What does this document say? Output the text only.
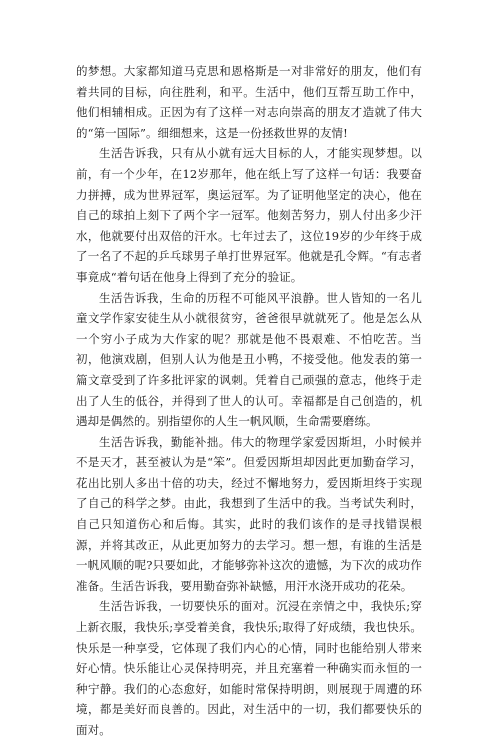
的梦想。大家都知道马克思和恩格斯是一对非常好的朋友，他们有着共同的目标，向往胜利，和平。生活中，他们互帮互助工作中，他们相辅相成。正因为有了这样一对志向崇高的朋友才造就了伟大的“第一国际”。细细想来，这是一份拯救世界的友情!

生活告诉我，只有从小就有远大目标的人，才能实现梦想。以前，有一个少年，在12岁那年，他在纸上写了这样一句话：我要奋力拼搏，成为世界冠军，奥运冠军。为了证明他坚定的决心，他在自己的球拍上刻下了两个字一冠军。他刻苦努力，别人付出多少汗水，他就要付出双倍的汗水。七年过去了，这位19岁的少年终于成了一名了不起的乒乓球男子单打世界冠军。他就是孔令辉。“有志者事竟成“着句话在他身上得到了充分的验证。

生活告诉我，生命的历程不可能风平浪静。世人皆知的一名儿童文学作家安徒生从小就很贫穷，爸爸很早就就死了。他是怎么从一个穷小子成为大作家的呢？那就是他不畏艰难、不怕吃苦。当初，他演戏剧，但别人认为他是丑小鸭，不接受他。他发表的第一篇文章受到了许多批评家的讽刺。凭着自己顽强的意志，他终于走出了人生的低谷，并得到了世人的认可。幸福都是自己创造的，机遇却是偶然的。别指望你的人生一帆风顺，生命需要磨练。

生活告诉我，勤能补拙。伟大的物理学家爱因斯坦，小时候并不是天才，甚至被认为是“笨”。但爱因斯坦却因此更加勤奋学习，花出比别人多出十倍的功夫，经过不懈地努力，爱因斯坦终于实现了自己的科学之梦。由此，我想到了生活中的我。当考试失利时，自己只知道伤心和后悔。其实，此时的我们该作的是寻找错误根源，并将其改正，从此更加努力的去学习。想一想，有谁的生活是一帆风顺的呢?只要如此，才能够弥补这次的遗憾，为下次的成功作准备。生活告诉我，要用勤奋弥补缺憾，用汗水浇开成功的花朵。

生活告诉我，一切要快乐的面对。沉浸在亲情之中，我快乐;穿上新衣服，我快乐;享受着美食，我快乐;取得了好成绩，我也快乐。快乐是一种享受，它体现了我们内心的心情，同时也能给别人带来好心情。快乐能让心灵保持明亮，并且充塞着一种确实而永恒的一种宁静。我们的心态愈好，如能时常保持明朗，则展现于周遭的环境，都是美好而良善的。因此，对生活中的一切，我们都要快乐的 面对。
